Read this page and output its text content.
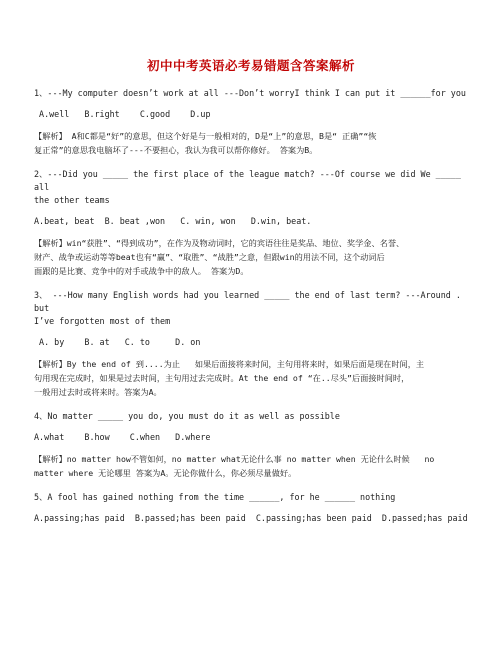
初中中考英语必考易错题含答案解析

1、---My computer doesn’t work at all ---Don’t worryI think I can put it ______for you

A.well   B.right    C.good    D.up

【解析】 A和C都是“好”的意思，但这个好是与一般相对的，D是“上”的意思，B是“ 正确”“恢

复正常”的意思我电脑坏了---不要担心，我认为我可以帮你修好。 答案为B。

2、---Did you _____ the first place of the league match? ---Of course we did We _____ all

the other teams

A.beat, beat  B. beat ,won   C. win, won   D.win, beat.

【解析】win“获胜”、“得到成功”，在作为及物动词时，它的宾语往往是奖品、地位、奖学金、名誉、

财产、战争或运动等等beat也有“赢”、“取胜”、“战胜”之意，但跟win的用法不同，这个动词后

面跟的是比赛、竞争中的对手或战争中的敌人。 答案为D。

3、 ---How many English words had you learned _____ the end of last term? ---Around . but

I’ve forgotten most of them

A. by    B. at   C. to     D. on

【解析】By the end of 到....为止   如果后面接将来时间，主句用将来时，如果后面是现在时间，主

句用现在完成时，如果是过去时间，主句用过去完成时。At the end of “在..尽头”后面接时间时，

一般用过去时或将来时。答案为A。

4、No matter _____ you do, you must do it as well as possible

A.what    B.how    C.when   D.where

【解析】no matter how不管如何，no matter what无论什么事 no matter when 无论什么时候   no

matter where 无论哪里 答案为A。无论你做什么，你必须尽量做好。

5、A fool has gained nothing from the time ______, for he ______ nothing

A.passing;has paid  B.passed;has been paid  C.passing;has been paid  D.passed;has paid
